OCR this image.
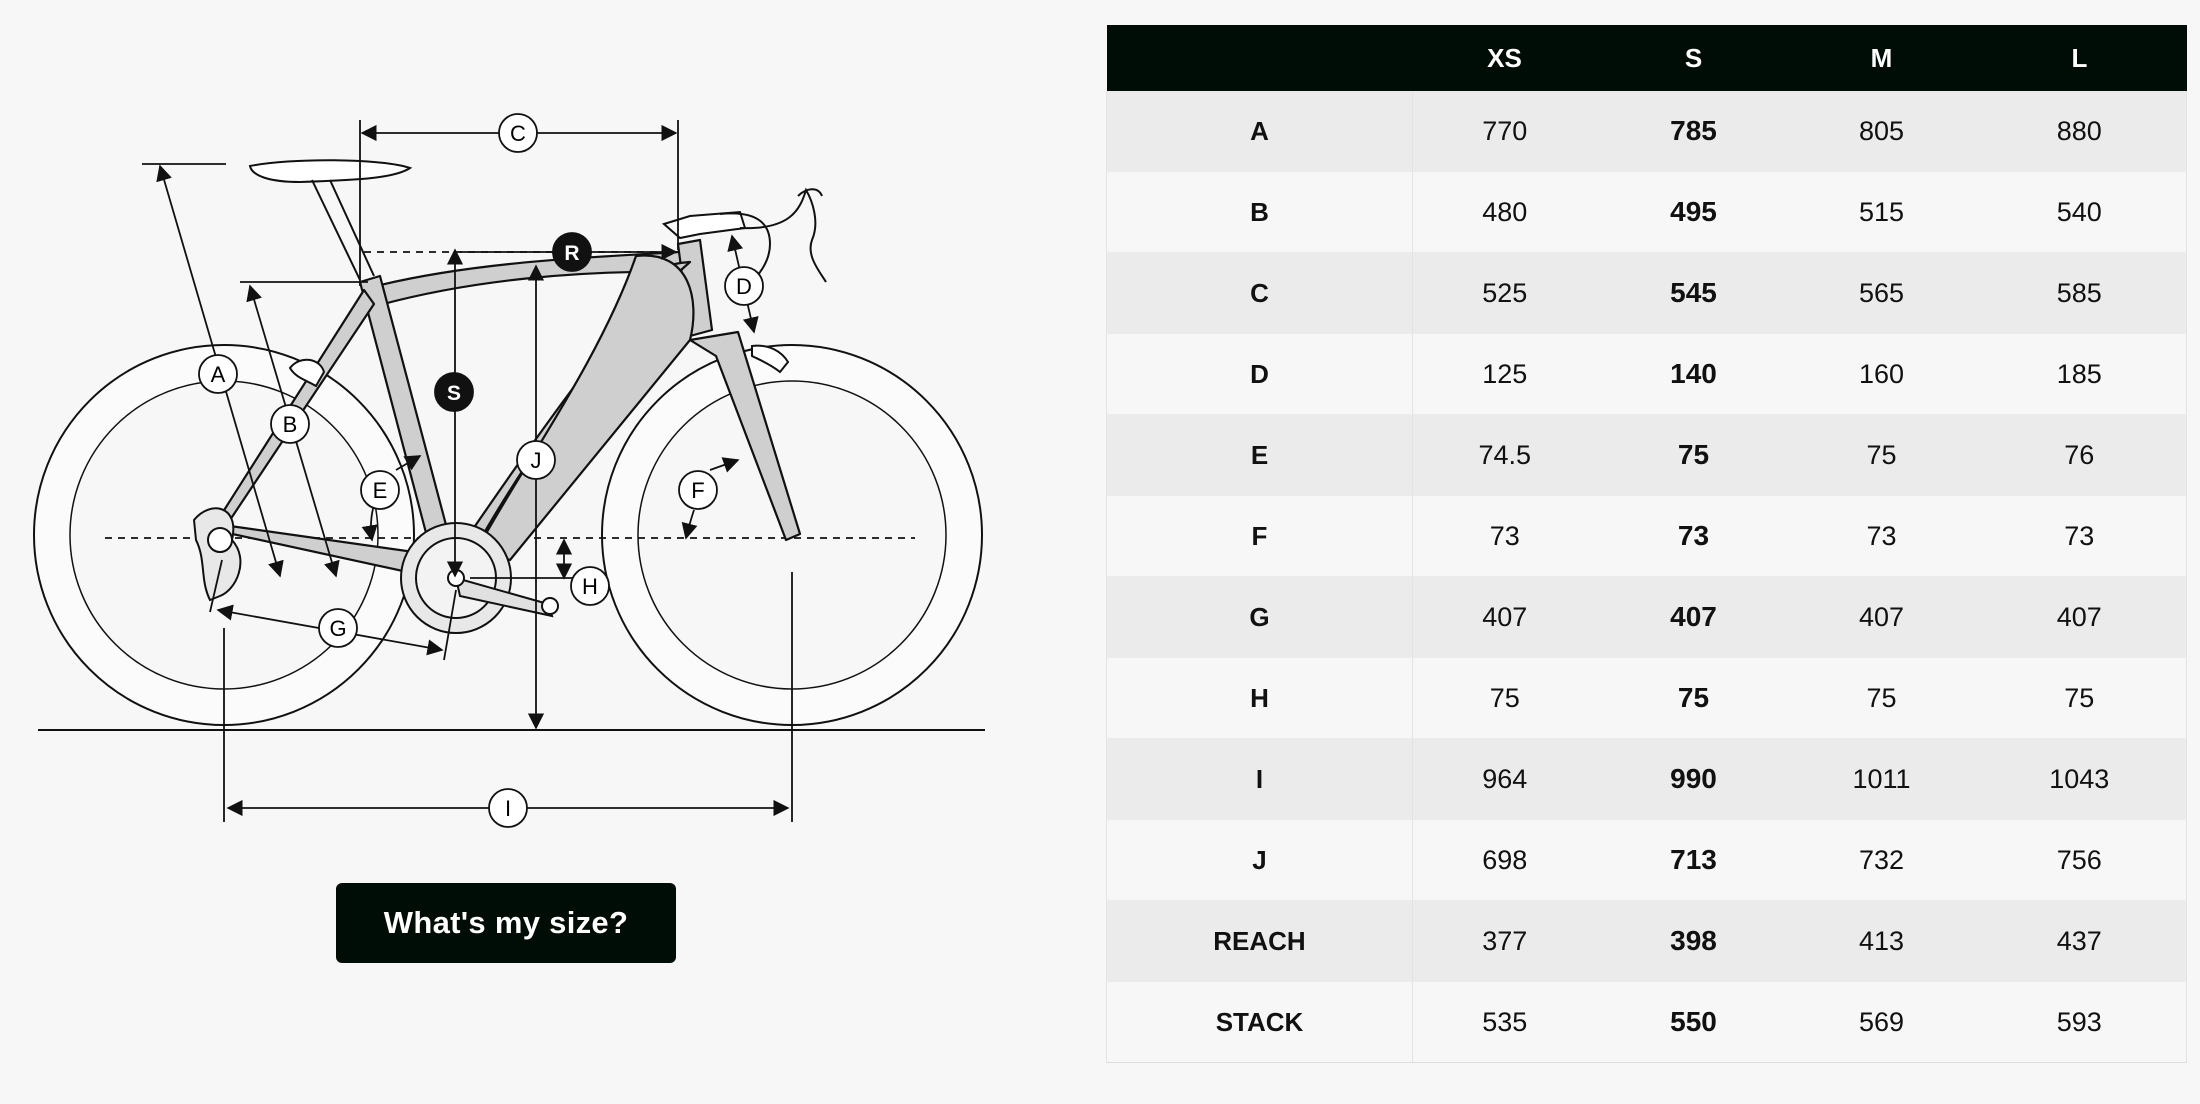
A
B
C
D
E	F
G
H
I
J
R
S
What's my size?
	XS	S	M	L
A	770	785	805	880
B	480	495	515	540
C	525	545	565	585
D	125	140	160	185
E	74.5	75	75	76
F	73	73	73	73
G	407	407	407	407
H	75	75	75	75
I	964	990	1011	1043
J	698	713	732	756
REACH	377	398	413	437
STACK	535	550	569	593
